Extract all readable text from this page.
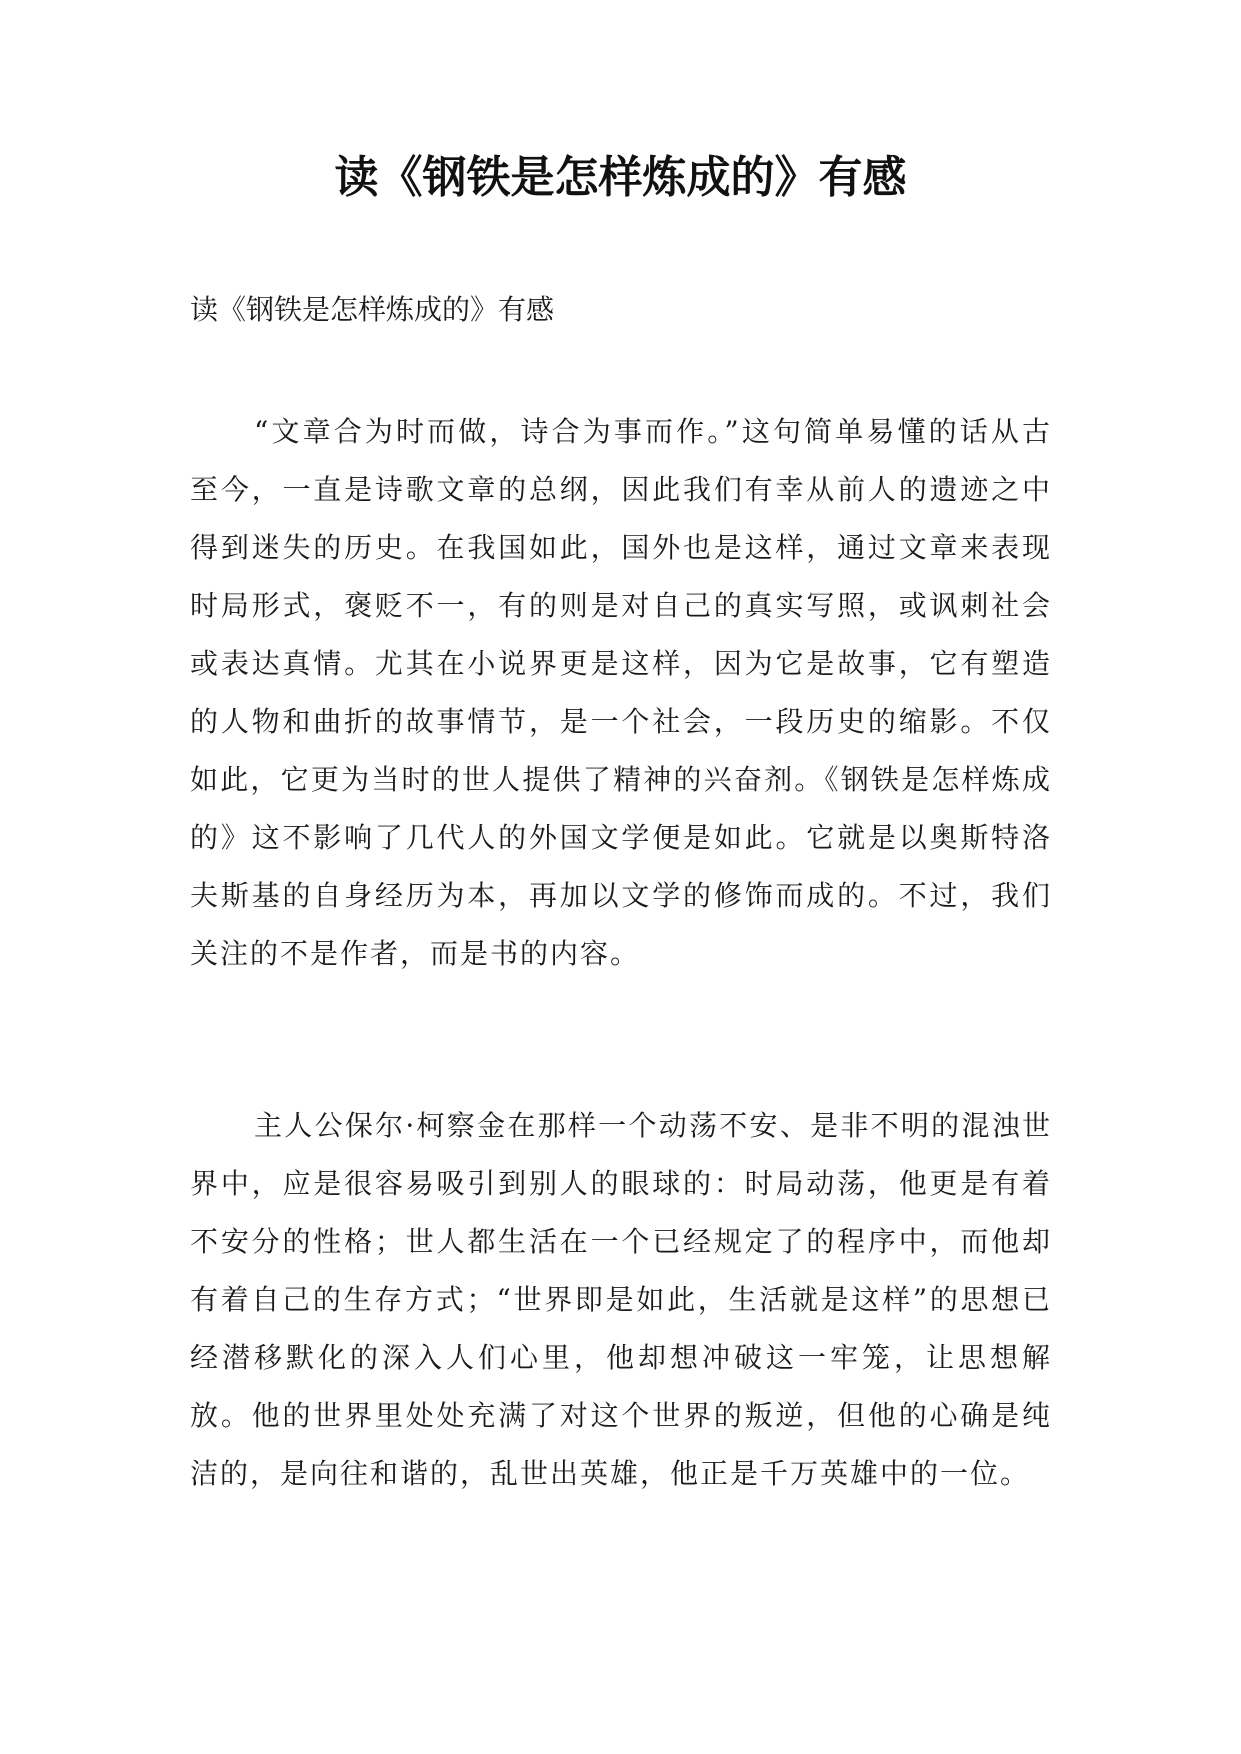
读《钢铁是怎样炼成的》有感

读《钢铁是怎样炼成的》有感

“文章合为时而做，诗合为事而作。”这句简单易懂的话从古至今，一直是诗歌文章的总纲，因此我们有幸从前人的遗迹之中得到迷失的历史。在我国如此，国外也是这样，通过文章来表现时局形式，褒贬不一，有的则是对自己的真实写照，或讽刺社会或表达真情。尤其在小说界更是这样，因为它是故事，它有塑造的人物和曲折的故事情节，是一个社会，一段历史的缩影。不仅如此，它更为当时的世人提供了精神的兴奋剂。《钢铁是怎样炼成的》这不影响了几代人的外国文学便是如此。它就是以奥斯特洛夫斯基的自身经历为本，再加以文学的修饰而成的。不过，我们关注的不是作者，而是书的内容。

主人公保尔·柯察金在那样一个动荡不安、是非不明的混浊世界中，应是很容易吸引到别人的眼球的：时局动荡，他更是有着不安分的性格；世人都生活在一个已经规定了的程序中，而他却有着自己的生存方式；“世界即是如此，生活就是这样”的思想已经潜移默化的深入人们心里，他却想冲破这一牢笼，让思想解放。他的世界里处处充满了对这个世界的叛逆，但他的心确是纯洁的，是向往和谐的，乱世出英雄，他正是千万英雄中的一位。
